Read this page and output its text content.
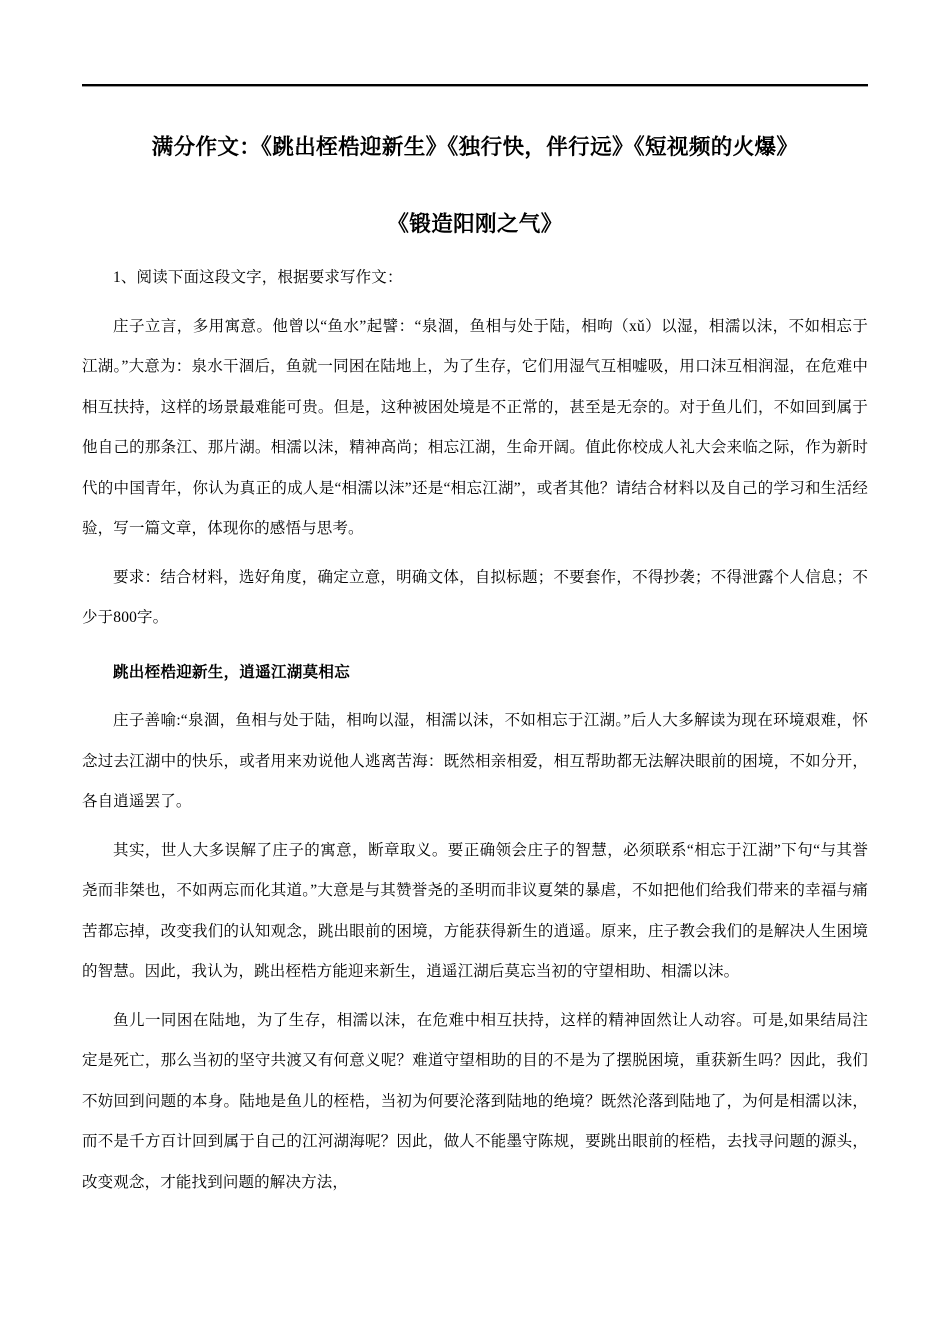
满分作文：《跳出桎梏迎新生》《独行快，伴行远》《短视频的火爆》
《锻造阳刚之气》

1、阅读下面这段文字，根据要求写作文：

庄子立言，多用寓意。他曾以“鱼水”起譬：“泉涸，鱼相与处于陆，相呴（xǔ）以湿，相濡以沫，不如相忘于江湖。”大意为：泉水干涸后，鱼就一同困在陆地上，为了生存，它们用湿气互相嘘吸，用口沫互相润湿，在危难中相互扶持，这样的场景最难能可贵。但是，这种被困处境是不正常的，甚至是无奈的。对于鱼儿们，不如回到属于他自己的那条江、那片湖。相濡以沫，精神高尚；相忘江湖，生命开阔。值此你校成人礼大会来临之际，作为新时代的中国青年，你认为真正的成人是“相濡以沫”还是“相忘江湖”，或者其他？请结合材料以及自己的学习和生活经验，写一篇文章，体现你的感悟与思考。

要求：结合材料，选好角度，确定立意，明确文体，自拟标题；不要套作，不得抄袭；不得泄露个人信息；不少于800字。

跳出桎梏迎新生，逍遥江湖莫相忘

庄子善喻:“泉涸，鱼相与处于陆，相呴以湿，相濡以沫，不如相忘于江湖。”后人大多解读为现在环境艰难，怀念过去江湖中的快乐，或者用来劝说他人逃离苦海：既然相亲相爱，相互帮助都无法解决眼前的困境，不如分开，各自逍遥罢了。

其实，世人大多误解了庄子的寓意，断章取义。要正确领会庄子的智慧，必须联系“相忘于江湖”下句“与其誉尧而非桀也，不如两忘而化其道。”大意是与其赞誉尧的圣明而非议夏桀的暴虐，不如把他们给我们带来的幸福与痛苦都忘掉，改变我们的认知观念，跳出眼前的困境，方能获得新生的逍遥。原来，庄子教会我们的是解决人生困境的智慧。因此，我认为，跳出桎梏方能迎来新生，逍遥江湖后莫忘当初的守望相助、相濡以沫。

鱼儿一同困在陆地，为了生存，相濡以沫，在危难中相互扶持，这样的精神固然让人动容。可是,如果结局注定是死亡，那么当初的坚守共渡又有何意义呢？难道守望相助的目的不是为了摆脱困境，重获新生吗？因此，我们不妨回到问题的本身。陆地是鱼儿的桎梏，当初为何要沦落到陆地的绝境？既然沦落到陆地了，为何是相濡以沫，而不是千方百计回到属于自己的江河湖海呢？因此，做人不能墨守陈规，要跳出眼前的桎梏，去找寻问题的源头，改变观念，才能找到问题的解决方法，
